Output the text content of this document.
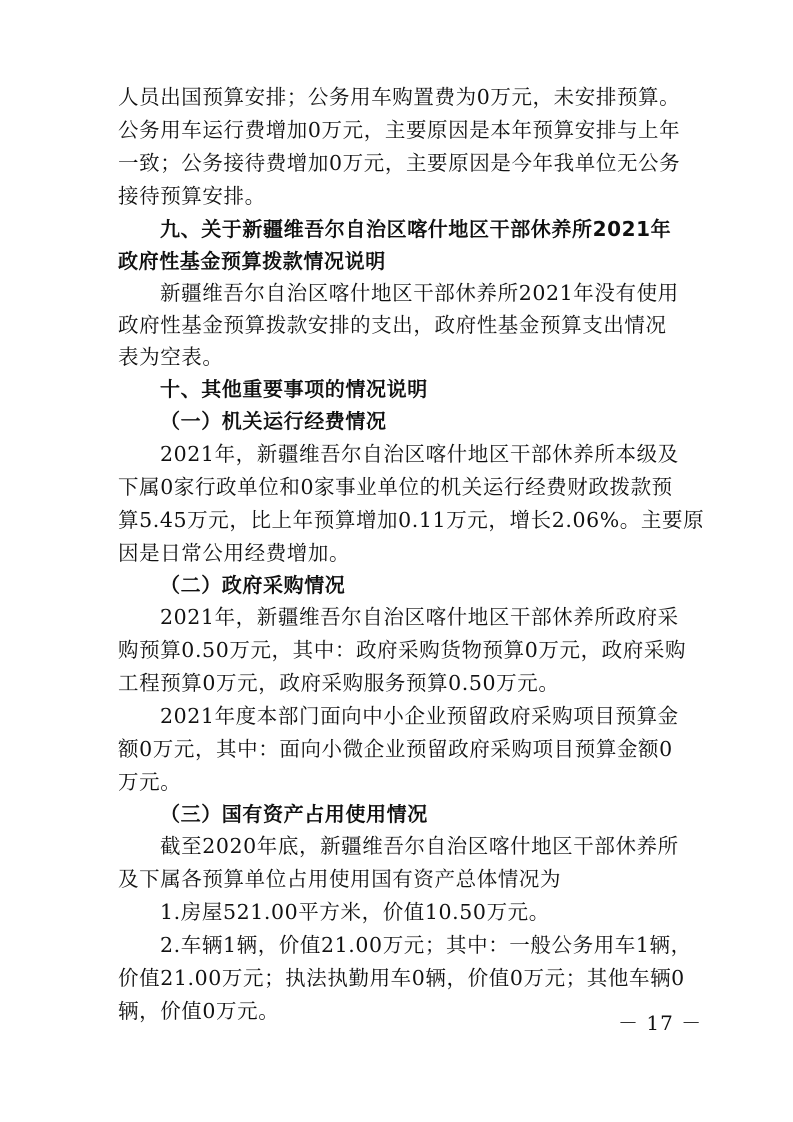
人员出国预算安排；公务用车购置费为0万元，未安排预算。
公务用车运行费增加0万元，主要原因是本年预算安排与上年
一致；公务接待费增加0万元，主要原因是今年我单位无公务
接待预算安排。
九、关于新疆维吾尔自治区喀什地区干部休养所2021年
政府性基金预算拨款情况说明
新疆维吾尔自治区喀什地区干部休养所2021年没有使用
政府性基金预算拨款安排的支出，政府性基金预算支出情况
表为空表。
十、其他重要事项的情况说明
（一）机关运行经费情况
2021年，新疆维吾尔自治区喀什地区干部休养所本级及
下属0家行政单位和0家事业单位的机关运行经费财政拨款预
算5.45万元，比上年预算增加0.11万元，增长2.06%。主要原
因是日常公用经费增加。
（二）政府采购情况
2021年，新疆维吾尔自治区喀什地区干部休养所政府采
购预算0.50万元，其中：政府采购货物预算0万元，政府采购
工程预算0万元，政府采购服务预算0.50万元。
2021年度本部门面向中小企业预留政府采购项目预算金
额0万元，其中：面向小微企业预留政府采购项目预算金额0
万元。
（三）国有资产占用使用情况
截至2020年底，新疆维吾尔自治区喀什地区干部休养所
及下属各预算单位占用使用国有资产总体情况为
1.房屋521.00平方米，价值10.50万元。
2.车辆1辆，价值21.00万元；其中：一般公务用车1辆，
价值21.00万元；执法执勤用车0辆，价值0万元；其他车辆0
辆，价值0万元。	－ 17 －
